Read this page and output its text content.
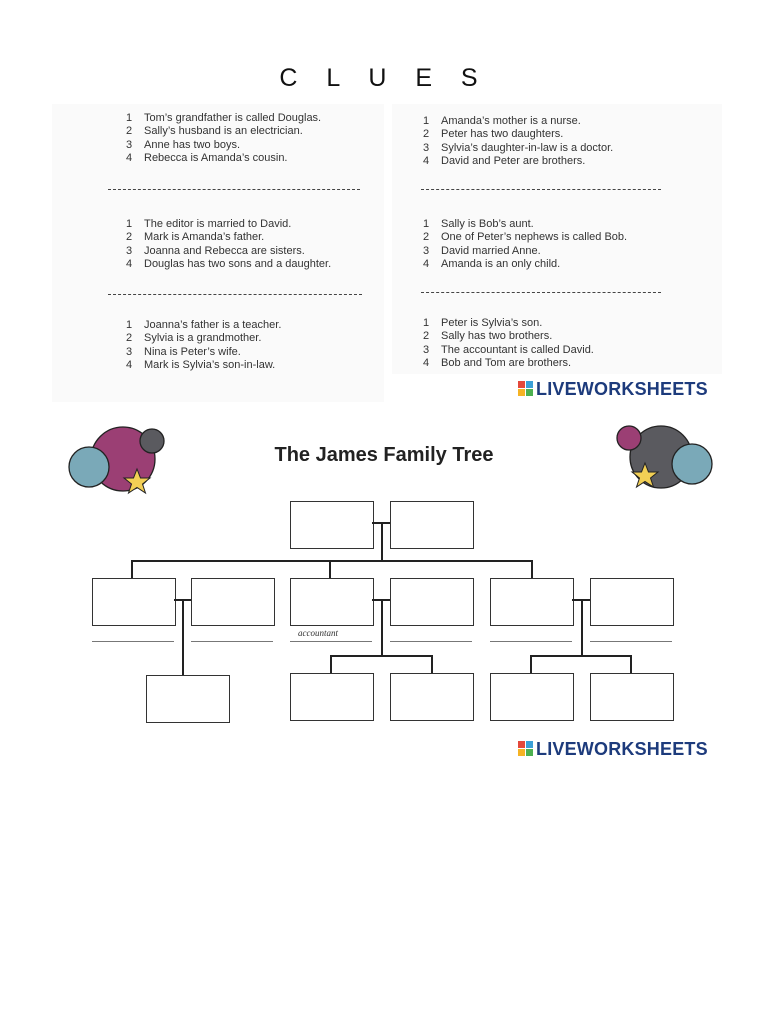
C L U E S
1 Tom’s grandfather is called Douglas.
2 Sally’s husband is an electrician.
3 Anne has two boys.
4 Rebecca is Amanda’s cousin.
1 Amanda’s mother is a nurse.
2 Peter has two daughters.
3 Sylvia’s daughter-in-law is a doctor.
4 David and Peter are brothers.
1 The editor is married to David.
2 Mark is Amanda’s father.
3 Joanna and Rebecca are sisters.
4 Douglas has two sons and a daughter.
1 Sally is Bob’s aunt.
2 One of Peter’s nephews is called Bob.
3 David married Anne.
4 Amanda is an only child.
1 Joanna’s father is a teacher.
2 Sylvia is a grandmother.
3 Nina is Peter’s wife.
4 Mark is Sylvia’s son-in-law.
1 Peter is Sylvia’s son.
2 Sally has two brothers.
3 The accountant is called David.
4 Bob and Tom are brothers.
LIVEWORKSHEETS
The James Family Tree
accountant
LIVEWORKSHEETS
